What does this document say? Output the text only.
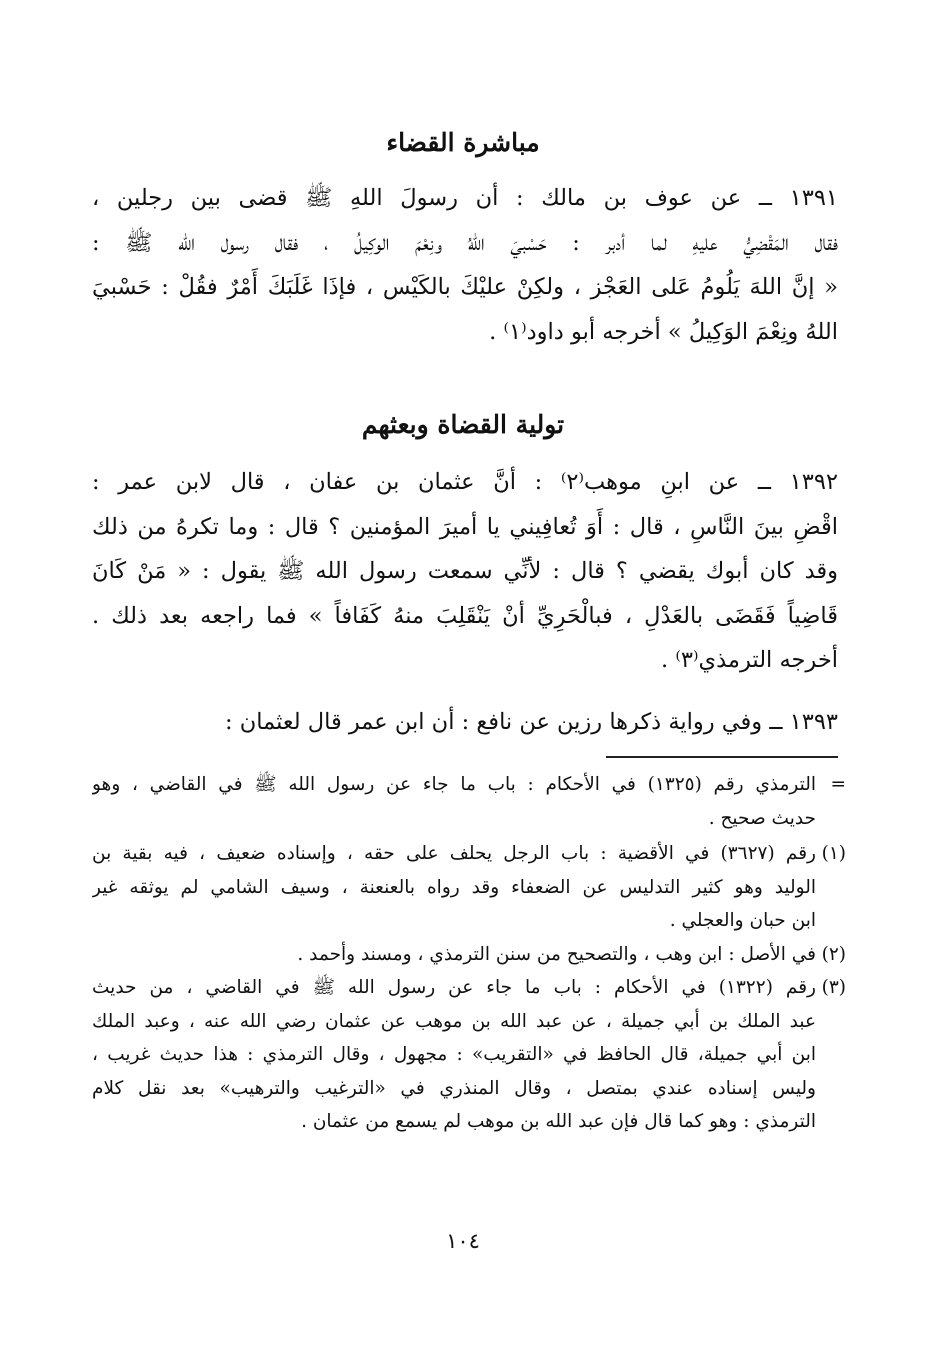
مباشرة القضاء
١٣٩١ ــ عن عوف بن مالك : أن رسولَ اللهِ ﷺ قضى بين رجلين ،
فقال المَقْضِيُّ عليهِ لما أدبر : حَسْبيَ اللهُ ونِعْمَ الوكِيلُ ، فقال رسول الله ﷺ :
« إنَّ اللهَ يَلُومُ عَلى العَجْز ، ولكِنْ عليْكَ بالكَيْس ، فإذَا غَلَبَكَ أَمْرٌ فقُلْ : حَسْبيَ
اللهُ ونِعْمَ الوَكِيلُ » أخرجه أبو داود⁽١⁾ .
تولية القضاة وبعثهم
١٣٩٢ ــ عن ابنِ موهب⁽٢⁾ : أنَّ عثمان بن عفان ، قال لابن عمر :
اقْضِ بينَ النَّاسِ ، قال : أَوَ تُعافِيني يا أميرَ المؤمنين ؟ قال : وما تكرهُ من ذلك
وقد كان أبوك يقضي ؟ قال : لأنِّي سمعت رسول الله ﷺ يقول : « مَنْ كَانَ
قَاضِياً فَقَضَى بالعَدْلِ ، فبالْحَرِيِّ أنْ يَنْقَلِبَ منهُ كَفَافاً » فما راجعه بعد ذلك .
أخرجه الترمذي⁽٣⁾ .
١٣٩٣ ــ وفي رواية ذكرها رزين عن نافع : أن ابن عمر قال لعثمان :
=
الترمذي رقم (١٣٢٥) في الأحكام : باب ما جاء عن رسول الله ﷺ في القاضي ، وهو
حديث صحيح .
(١)
رقم (٣٦٢٧) في الأقضية : باب الرجل يحلف على حقه ، وإسناده ضعيف ، فيه بقية بن
الوليد وهو كثير التدليس عن الضعفاء وقد رواه بالعنعنة ، وسيف الشامي لم يوثقه غير
ابن حبان والعجلي .
(٢)
في الأصل : ابن وهب ، والتصحيح من سنن الترمذي ، ومسند وأحمد .
(٣)
رقم (١٣٢٢) في الأحكام : باب ما جاء عن رسول الله ﷺ في القاضي ، من حديث
عبد الملك بن أبي جميلة ، عن عبد الله بن موهب عن عثمان رضي الله عنه ، وعبد الملك
ابن أبي جميلة، قال الحافظ في «التقريب» : مجهول ، وقال الترمذي : هذا حديث غريب ،
وليس إسناده عندي بمتصل ، وقال المنذري في «الترغيب والترهيب» بعد نقل كلام
الترمذي : وهو كما قال فإن عبد الله بن موهب لم يسمع من عثمان .
١٠٤
